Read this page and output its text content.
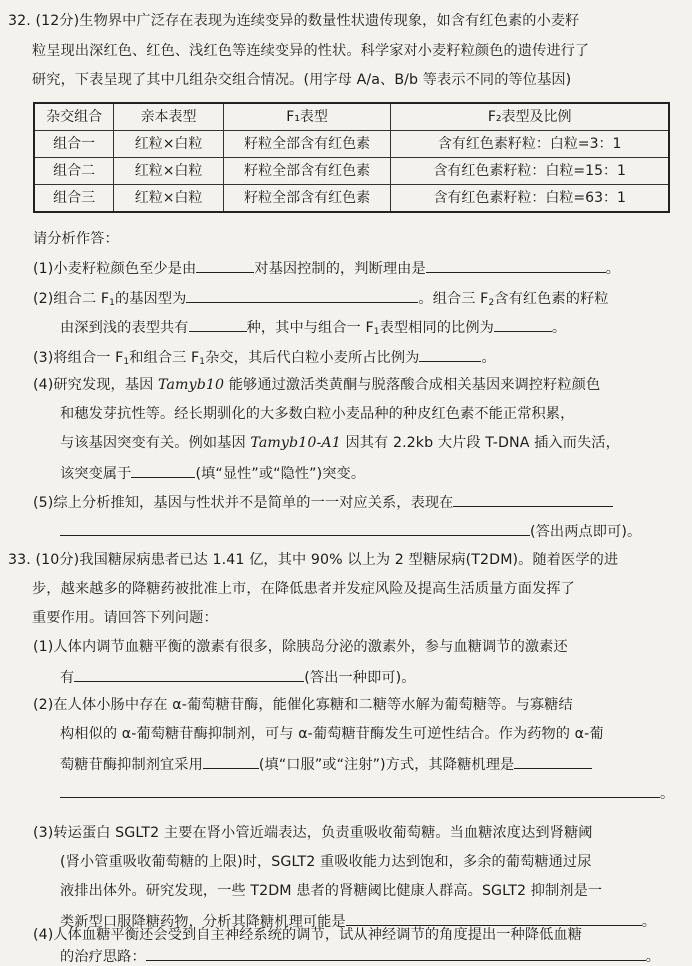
32. (12分)生物界中广泛存在表现为连续变异的数量性状遗传现象，如含有红色素的小麦籽
粒呈现出深红色、红色、浅红色等连续变异的性状。科学家对小麦籽粒颜色的遗传进行了
研究，下表呈现了其中几组杂交组合情况。(用字母 A/a、B/b 等表示不同的等位基因)
杂交组合	亲本表型	F₁表型	F₂表型及比例
组合一	红粒×白粒	籽粒全部含有红色素	含有红色素籽粒：白粒=3：1
组合二	红粒×白粒	籽粒全部含有红色素	含有红色素籽粒：白粒=15：1
组合三	红粒×白粒	籽粒全部含有红色素	含有红色素籽粒：白粒=63：1
请分析作答：
(1)小麦籽粒颜色至少是由	对基因控制的，判断理由是	。
(2)组合二 $F_1$的基因型为	。组合三 $F_2$含有红色素的籽粒
由深到浅的表型共有	种，其中与组合一 $F_1$表型相同的比例为	。
(3)将组合一 $F_1$和组合三 $F_1$杂交，其后代白粒小麦所占比例为	。
(4)研究发现，基因 Tamyb10 能够通过激活类黄酮与脱落酸合成相关基因来调控籽粒颜色
和穗发芽抗性等。经长期驯化的大多数白粒小麦品种的种皮红色素不能正常积累，
与该基因突变有关。例如基因 Tamyb10-A1 因其有 2.2kb 大片段 T-DNA 插入而失活，
该突变属于	(填“显性”或“隐性”)突变。
(5)综上分析推知，基因与性状并不是简单的一一对应关系，表现在
(答出两点即可)。
33. (10分)我国糖尿病患者已达 1.41 亿，其中 90% 以上为 2 型糖尿病(T2DM)。随着医学的进
步，越来越多的降糖药被批准上市，在降低患者并发症风险及提高生活质量方面发挥了
重要作用。请回答下列问题：
(1)人体内调节血糖平衡的激素有很多，除胰岛分泌的激素外，参与血糖调节的激素还
有	(答出一种即可)。
(2)在人体小肠中存在 α-葡萄糖苷酶，能催化寡糖和二糖等水解为葡萄糖等。与寡糖结
构相似的 α-葡萄糖苷酶抑制剂，可与 α-葡萄糖苷酶发生可逆性结合。作为药物的 α-葡
萄糖苷酶抑制剂宜采用	(填“口服”或“注射”)方式，其降糖机理是
。
(3)转运蛋白 SGLT2 主要在肾小管近端表达，负责重吸收葡萄糖。当血糖浓度达到肾糖阈
(肾小管重吸收葡萄糖的上限)时，SGLT2 重吸收能力达到饱和，多余的葡萄糖通过尿
液排出体外。研究发现，一些 T2DM 患者的肾糖阈比健康人群高。SGLT2 抑制剂是一
类新型口服降糖药物，分析其降糖机理可能是	。
(4)人体血糖平衡还会受到自主神经系统的调节，试从神经调节的角度提出一种降低血糖
的治疗思路：	。
